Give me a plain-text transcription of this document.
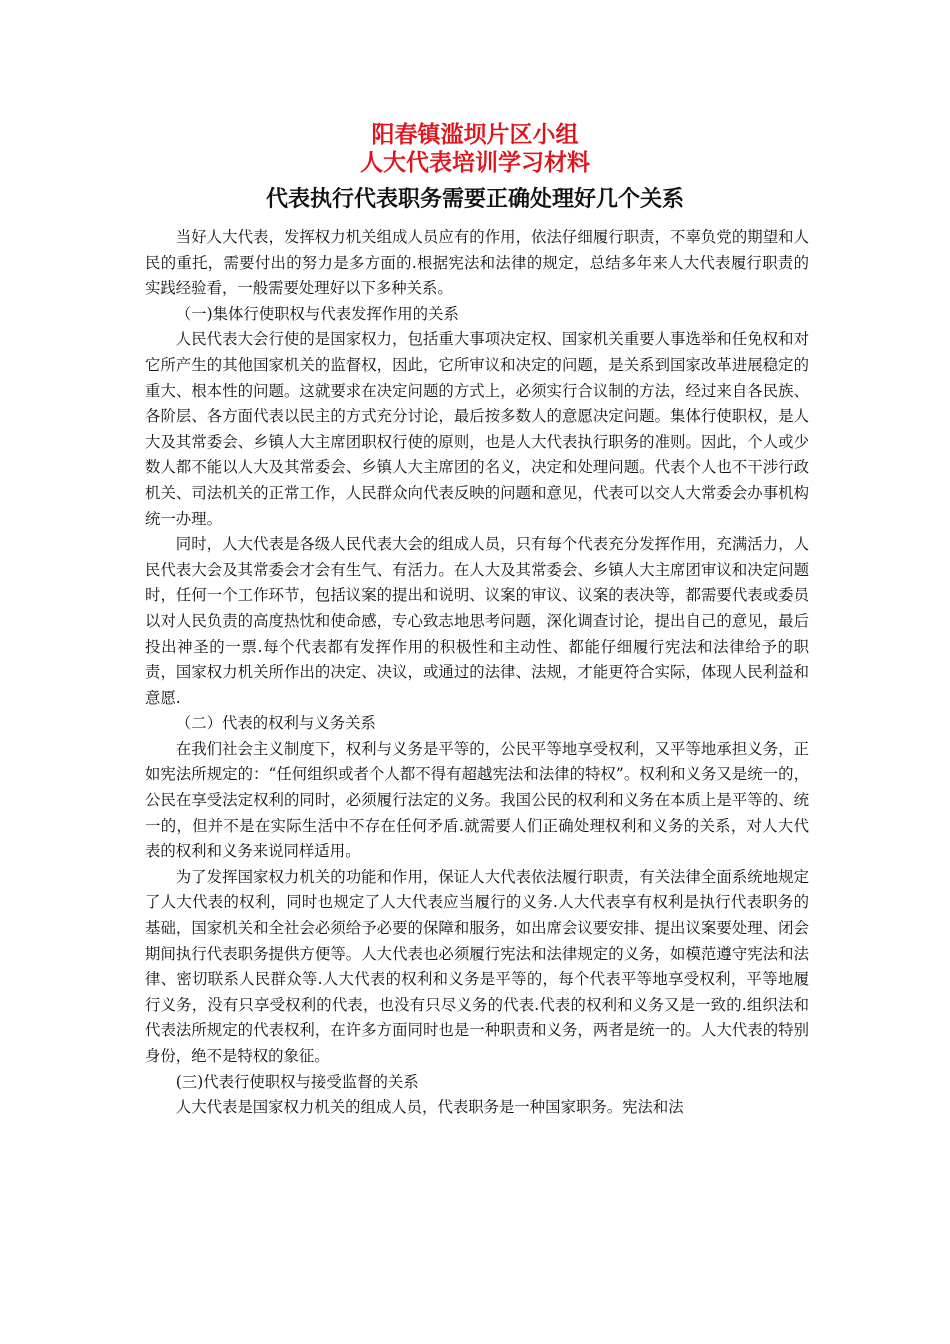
阳春镇滥坝片区小组
人大代表培训学习材料
代表执行代表职务需要正确处理好几个关系

当好人大代表，发挥权力机关组成人员应有的作用，依法仔细履行职责，不辜负党的期望和人民的重托，需要付出的努力是多方面的.根据宪法和法律的规定，总结多年来人大代表履行职责的实践经验看，一般需要处理好以下多种关系。

（一)集体行使职权与代表发挥作用的关系

人民代表大会行使的是国家权力，包括重大事项决定权、国家机关重要人事选举和任免权和对它所产生的其他国家机关的监督权，因此，它所审议和决定的问题，是关系到国家改革进展稳定的重大、根本性的问题。这就要求在决定问题的方式上，必须实行合议制的方法，经过来自各民族、各阶层、各方面代表以民主的方式充分讨论，最后按多数人的意愿决定问题。集体行使职权，是人大及其常委会、乡镇人大主席团职权行使的原则，也是人大代表执行职务的准则。因此，个人或少数人都不能以人大及其常委会、乡镇人大主席团的名义，决定和处理问题。代表个人也不干涉行政机关、司法机关的正常工作，人民群众向代表反映的问题和意见，代表可以交人大常委会办事机构统一办理。

同时，人大代表是各级人民代表大会的组成人员，只有每个代表充分发挥作用，充满活力，人民代表大会及其常委会才会有生气、有活力。在人大及其常委会、乡镇人大主席团审议和决定问题时，任何一个工作环节，包括议案的提出和说明、议案的审议、议案的表决等，都需要代表或委员以对人民负责的高度热忱和使命感，专心致志地思考问题，深化调查讨论，提出自己的意见，最后投出神圣的一票.每个代表都有发挥作用的积极性和主动性、都能仔细履行宪法和法律给予的职责，国家权力机关所作出的决定、决议，或通过的法律、法规，才能更符合实际，体现人民利益和意愿.

（二）代表的权利与义务关系

在我们社会主义制度下，权利与义务是平等的，公民平等地享受权利，又平等地承担义务，正如宪法所规定的：“任何组织或者个人都不得有超越宪法和法律的特权”。权利和义务又是统一的，公民在享受法定权利的同时，必须履行法定的义务。我国公民的权利和义务在本质上是平等的、统一的，但并不是在实际生活中不存在任何矛盾.就需要人们正确处理权利和义务的关系，对人大代表的权利和义务来说同样适用。

为了发挥国家权力机关的功能和作用，保证人大代表依法履行职责，有关法律全面系统地规定了人大代表的权利，同时也规定了人大代表应当履行的义务.人大代表享有权利是执行代表职务的基础，国家机关和全社会必须给予必要的保障和服务，如出席会议要安排、提出议案要处理、闭会期间执行代表职务提供方便等。人大代表也必须履行宪法和法律规定的义务，如模范遵守宪法和法律、密切联系人民群众等.人大代表的权利和义务是平等的，每个代表平等地享受权利，平等地履行义务，没有只享受权利的代表，也没有只尽义务的代表.代表的权利和义务又是一致的.组织法和代表法所规定的代表权利，在许多方面同时也是一种职责和义务，两者是统一的。人大代表的特别身份，绝不是特权的象征。

(三)代表行使职权与接受监督的关系

人大代表是国家权力机关的组成人员，代表职务是一种国家职务。宪法和法
